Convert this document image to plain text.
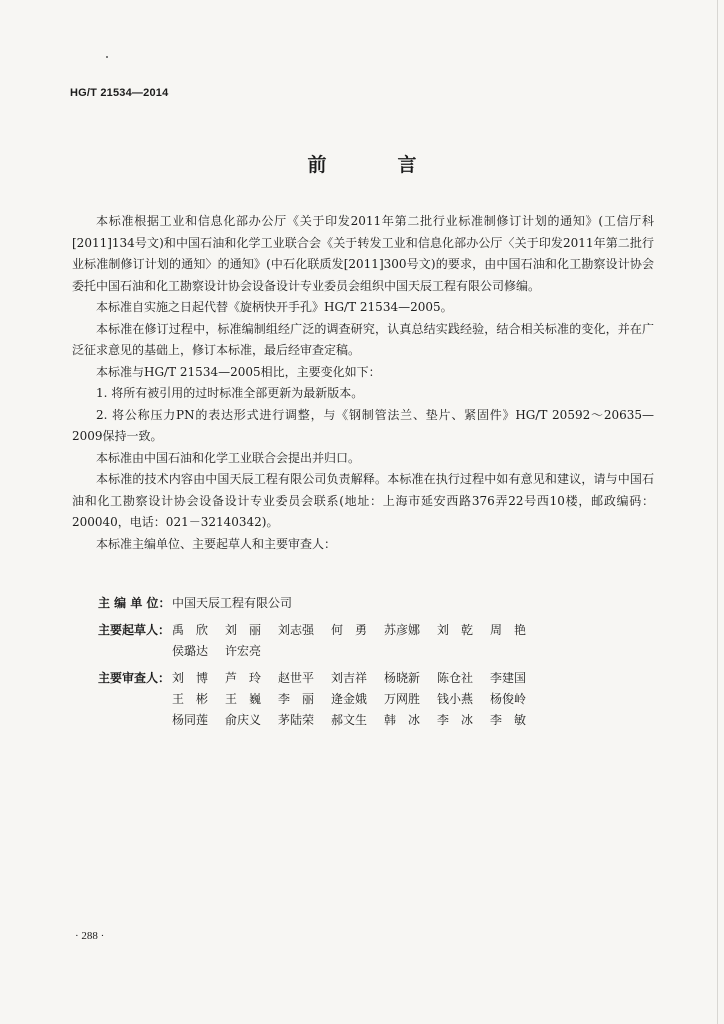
HG/T 21534—2014
前　言

本标准根据工业和信息化部办公厅《关于印发2011年第二批行业标准制修订计划的通知》(工信厅科[2011]134号文)和中国石油和化学工业联合会《关于转发工业和信息化部办公厅〈关于印发2011年第二批行业标准制修订计划的通知〉的通知》(中石化联质发[2011]300号文)的要求，由中国石油和化工勘察设计协会委托中国石油和化工勘察设计协会设备设计专业委员会组织中国天辰工程有限公司修编。

本标准自实施之日起代替《旋柄快开手孔》HG/T 21534—2005。

本标准在修订过程中，标准编制组经广泛的调查研究，认真总结实践经验，结合相关标准的变化，并在广泛征求意见的基础上，修订本标准，最后经审查定稿。

本标准与HG/T 21534—2005相比，主要变化如下：

1. 将所有被引用的过时标准全部更新为最新版本。

2. 将公称压力PN的表达形式进行调整，与《钢制管法兰、垫片、紧固件》HG/T 20592～20635—2009保持一致。

本标准由中国石油和化学工业联合会提出并归口。

本标准的技术内容由中国天辰工程有限公司负责解释。本标准在执行过程中如有意见和建议，请与中国石油和化工勘察设计协会设备设计专业委员会联系(地址：上海市延安西路376弄22号西10楼，邮政编码：200040，电话：021－32140342)。

本标准主编单位、主要起草人和主要审查人：

主 编 单 位： 中国天辰工程有限公司
主要起草人： 禹　欣	刘　丽	刘志强	何　勇	苏彦娜	刘　乾	周　艳
侯璐达	许宏亮
主要审查人： 刘　博	芦　玲	赵世平	刘吉祥	杨晓新	陈仓社	李建国
王　彬	王　巍	李　丽	逄金娥	万网胜	钱小燕	杨俊岭
杨同莲	俞庆义	茅陆荣	郝文生	韩　冰	李　冰	李　敏
· 288 ·
